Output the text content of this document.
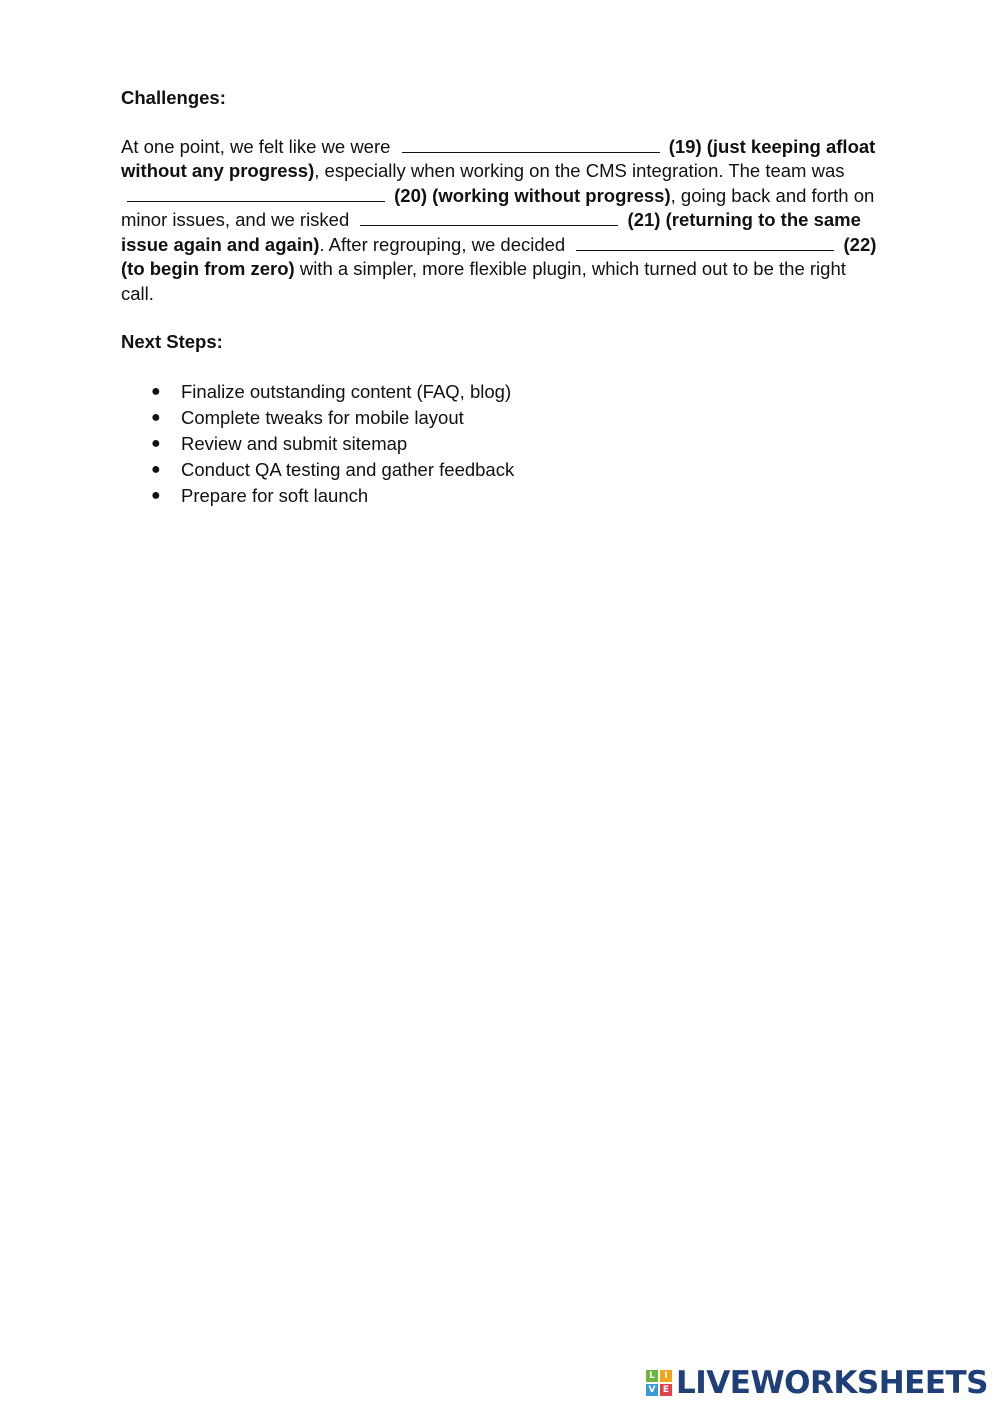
Challenges:

At one point, we felt like we were	(19) (just keeping afloat without any progress), especially when working on the CMS integration. The team was  (20) (working without progress), going back and forth on minor issues, and we risked	(21) (returning to the same issue again and again). After regrouping, we decided	(22) (to begin from zero) with a simpler, more flexible plugin, which turned out to be the right call.

Next Steps:

● Finalize outstanding content (FAQ, blog)
● Complete tweaks for mobile layout
● Review and submit sitemap
● Conduct QA testing and gather feedback
● Prepare for soft launch
L	I
V E LIVEWORKSHEETS
